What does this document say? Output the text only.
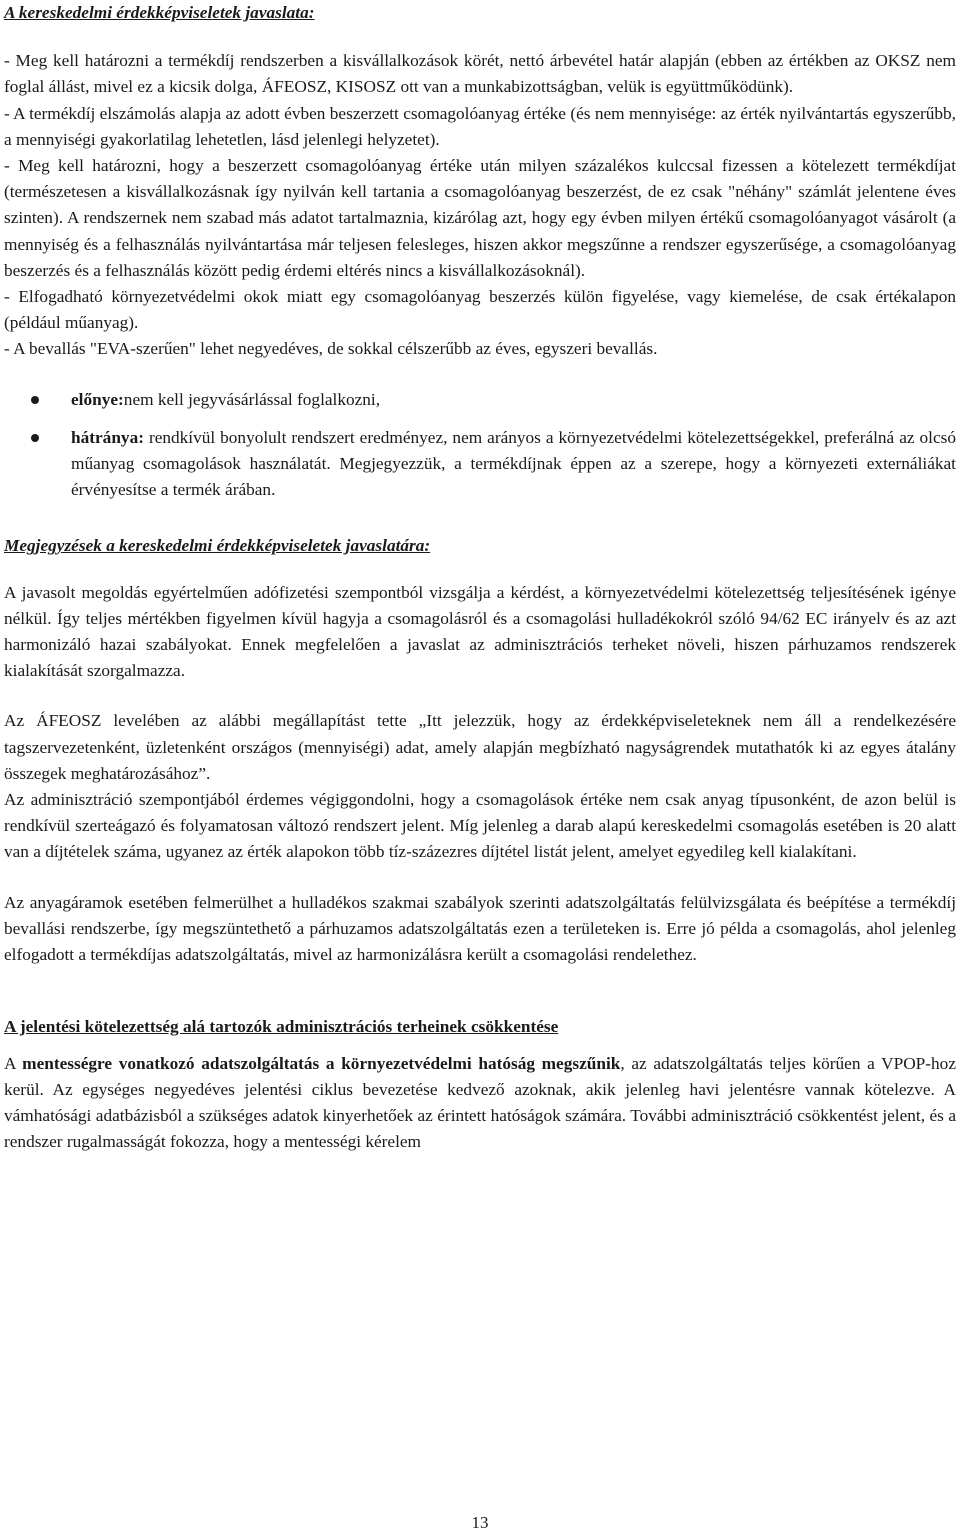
A kereskedelmi érdekképviseletek javaslata:

- Meg kell határozni a termékdíj rendszerben a kisvállalkozások körét, nettó árbevétel határ alapján (ebben az értékben az OKSZ nem foglal állást, mivel ez a kicsik dolga, ÁFEOSZ, KISOSZ ott van a munkabizottságban, velük is együttműködünk).

- A termékdíj elszámolás alapja az adott évben beszerzett csomagolóanyag értéke (és nem mennyisége: az érték nyilvántartás egyszerűbb, a mennyiségi gyakorlatilag lehetetlen, lásd jelenlegi helyzetet).

- Meg kell határozni, hogy a beszerzett csomagolóanyag értéke után milyen százalékos kulccsal fizessen a kötelezett termékdíjat (természetesen a kisvállalkozásnak így nyilván kell tartania a csomagolóanyag beszerzést, de ez csak "néhány" számlát jelentene éves szinten). A rendszernek nem szabad más adatot tartalmaznia, kizárólag azt, hogy egy évben milyen értékű csomagolóanyagot vásárolt (a mennyiség és a felhasználás nyilvántartása már teljesen felesleges, hiszen akkor megszűnne a rendszer egyszerűsége, a csomagolóanyag beszerzés és a felhasználás között pedig érdemi eltérés nincs a kisvállalkozásoknál).

- Elfogadható környezetvédelmi okok miatt egy csomagolóanyag beszerzés külön figyelése, vagy kiemelése, de csak értékalapon (például műanyag).

- A bevallás "EVA-szerűen" lehet negyedéves, de sokkal célszerűbb az éves, egyszeri bevallás.

előnye:nem kell jegyvásárlással foglalkozni,

hátránya: rendkívül bonyolult rendszert eredményez, nem arányos a környezetvédelmi kötelezettségekkel, preferálná az olcsó műanyag csomagolások használatát. Megjegyezzük, a termékdíjnak éppen az a szerepe, hogy a környezeti externáliákat érvényesítse a termék árában.

Megjegyzések a kereskedelmi érdekképviseletek javaslatára:

A javasolt megoldás egyértelműen adófizetési szempontból vizsgálja a kérdést, a környezetvédelmi kötelezettség teljesítésének igénye nélkül. Így teljes mértékben figyelmen kívül hagyja a csomagolásról és a csomagolási hulladékokról szóló 94/62 EC irányelv és az azt harmonizáló hazai szabályokat. Ennek megfelelően a javaslat az adminisztrációs terheket növeli, hiszen párhuzamos rendszerek kialakítását szorgalmazza.

Az ÁFEOSZ levelében az alábbi megállapítást tette „Itt jelezzük, hogy az érdekképviseleteknek nem áll a rendelkezésére tagszervezetenként, üzletenként országos (mennyiségi) adat, amely alapján megbízható nagyságrendek mutathatók ki az egyes átalány összegek meghatározásához”.

Az adminisztráció szempontjából érdemes végiggondolni, hogy a csomagolások értéke nem csak anyag típusonként, de azon belül is rendkívül szerteágazó és folyamatosan változó rendszert jelent. Míg jelenleg a darab alapú kereskedelmi csomagolás esetében is 20 alatt van a díjtételek száma, ugyanez az érték alapokon több tíz-százezres díjtétel listát jelent, amelyet egyedileg kell kialakítani.

Az anyagáramok esetében felmerülhet a hulladékos szakmai szabályok szerinti adatszolgáltatás felülvizsgálata és beépítése a termékdíj bevallási rendszerbe, így megszüntethető a párhuzamos adatszolgáltatás ezen a területeken is. Erre jó példa a csomagolás, ahol jelenleg elfogadott a termékdíjas adatszolgáltatás, mivel az harmonizálásra került a csomagolási rendelethez.

A jelentési kötelezettség alá tartozók adminisztrációs terheinek csökkentése

A mentességre vonatkozó adatszolgáltatás a környezetvédelmi hatóság megszűnik, az adatszolgáltatás teljes körűen a VPOP-hoz kerül. Az egységes negyedéves jelentési ciklus bevezetése kedvező azoknak, akik jelenleg havi jelentésre vannak kötelezve. A vámhatósági adatbázisból a szükséges adatok kinyerhetőek az érintett hatóságok számára. További adminisztráció csökkentést jelent, és a rendszer rugalmasságát fokozza, hogy a mentességi kérelem

13
